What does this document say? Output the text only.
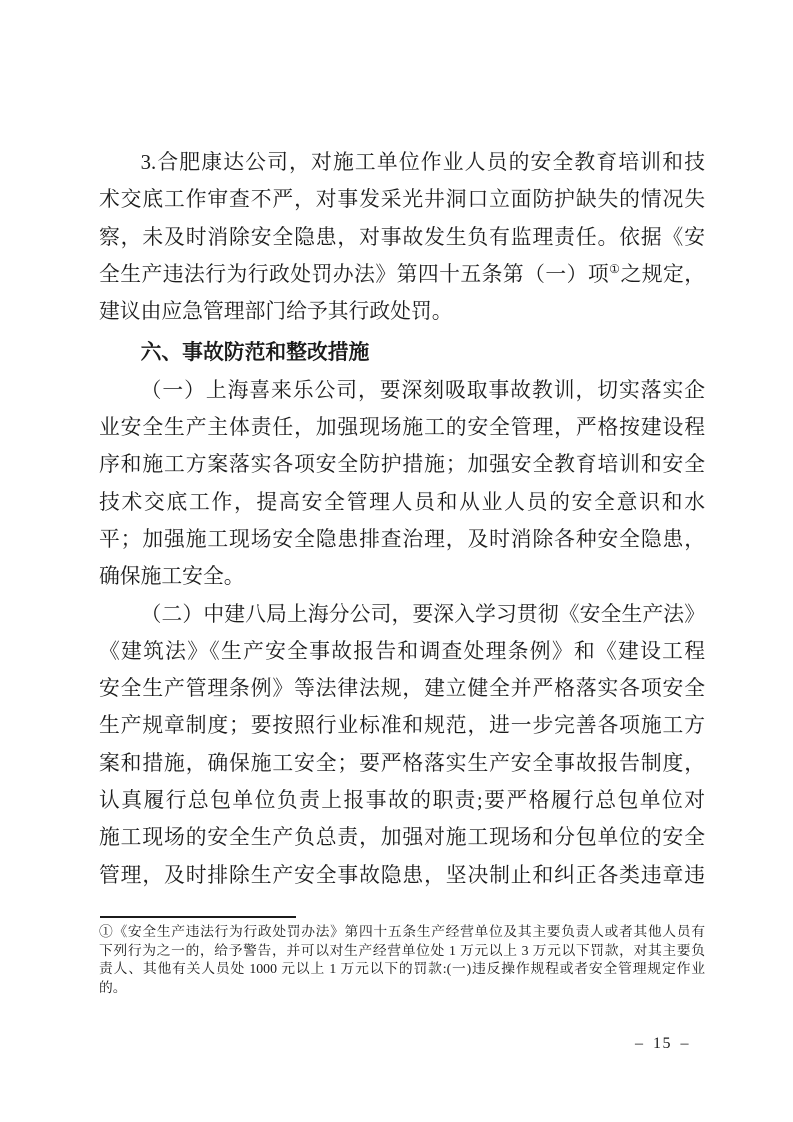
3.合肥康达公司，对施工单位作业人员的安全教育培训和技
术交底工作审查不严，对事发采光井洞口立面防护缺失的情况失
察，未及时消除安全隐患，对事故发生负有监理责任。依据《安
全生产违法行为行政处罚办法》第四十五条第（一）项①之规定，
建议由应急管理部门给予其行政处罚。
六、事故防范和整改措施
（一）上海喜来乐公司，要深刻吸取事故教训，切实落实企
业安全生产主体责任，加强现场施工的安全管理，严格按建设程
序和施工方案落实各项安全防护措施；加强安全教育培训和安全
技术交底工作，提高安全管理人员和从业人员的安全意识和水
平；加强施工现场安全隐患排查治理，及时消除各种安全隐患，
确保施工安全。
（二）中建八局上海分公司，要深入学习贯彻《安全生产法》
《建筑法》《生产安全事故报告和调查处理条例》和《建设工程
安全生产管理条例》等法律法规，建立健全并严格落实各项安全
生产规章制度；要按照行业标准和规范，进一步完善各项施工方
案和措施，确保施工安全；要严格落实生产安全事故报告制度，
认真履行总包单位负责上报事故的职责;要严格履行总包单位对
施工现场的安全生产负总责，加强对施工现场和分包单位的安全
管理，及时排除生产安全事故隐患，坚决制止和纠正各类违章违
①《安全生产违法行为行政处罚办法》第四十五条生产经营单位及其主要负责人或者其他人员有
下列行为之一的，给予警告，并可以对生产经营单位处 1 万元以上 3 万元以下罚款，对其主要负
责人、其他有关人员处 1000 元以上 1 万元以下的罚款:(一)违反操作规程或者安全管理规定作业
的。
– 15 –
